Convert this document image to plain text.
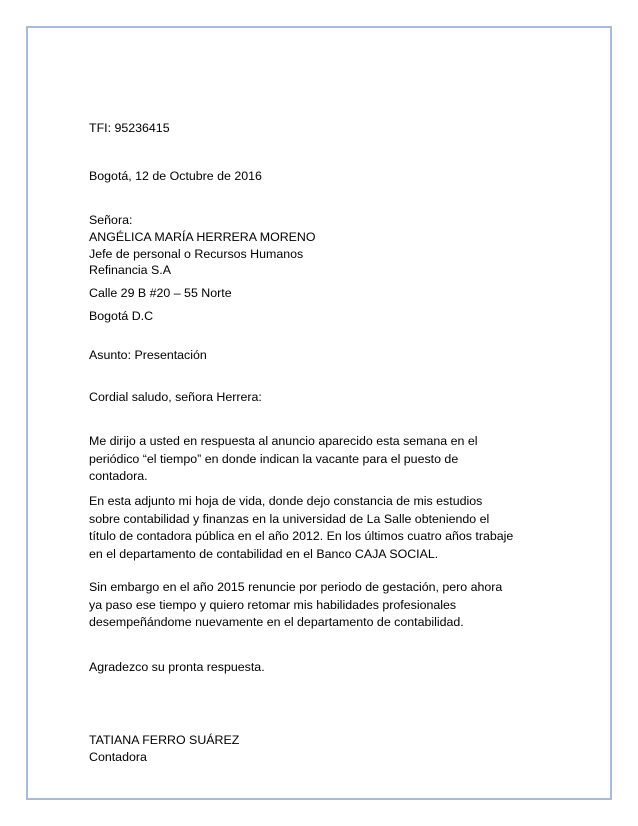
TFI: 95236415
Bogotá, 12 de Octubre de 2016
Señora:
ANGÉLICA MARÍA HERRERA MORENO
Jefe de personal o Recursos Humanos
Refinancia S.A
Calle 29 B #20 – 55 Norte
Bogotá D.C
Asunto: Presentación
Cordial saludo, señora Herrera:
Me dirijo a usted en respuesta al anuncio aparecido esta semana en el
periódico “el tiempo” en donde indican la vacante para el puesto de
contadora.
En esta adjunto mi hoja de vida, donde dejo constancia de mis estudios
sobre contabilidad y finanzas en la universidad de La Salle obteniendo el
título de contadora pública en el año 2012. En los últimos cuatro años trabaje
en el departamento de contabilidad en el Banco CAJA SOCIAL.
Sin embargo en el año 2015 renuncie por periodo de gestación, pero ahora
ya paso ese tiempo y quiero retomar mis habilidades profesionales
desempeñándome nuevamente en el departamento de contabilidad.
Agradezco su pronta respuesta.
TATIANA FERRO SUÁREZ
Contadora
